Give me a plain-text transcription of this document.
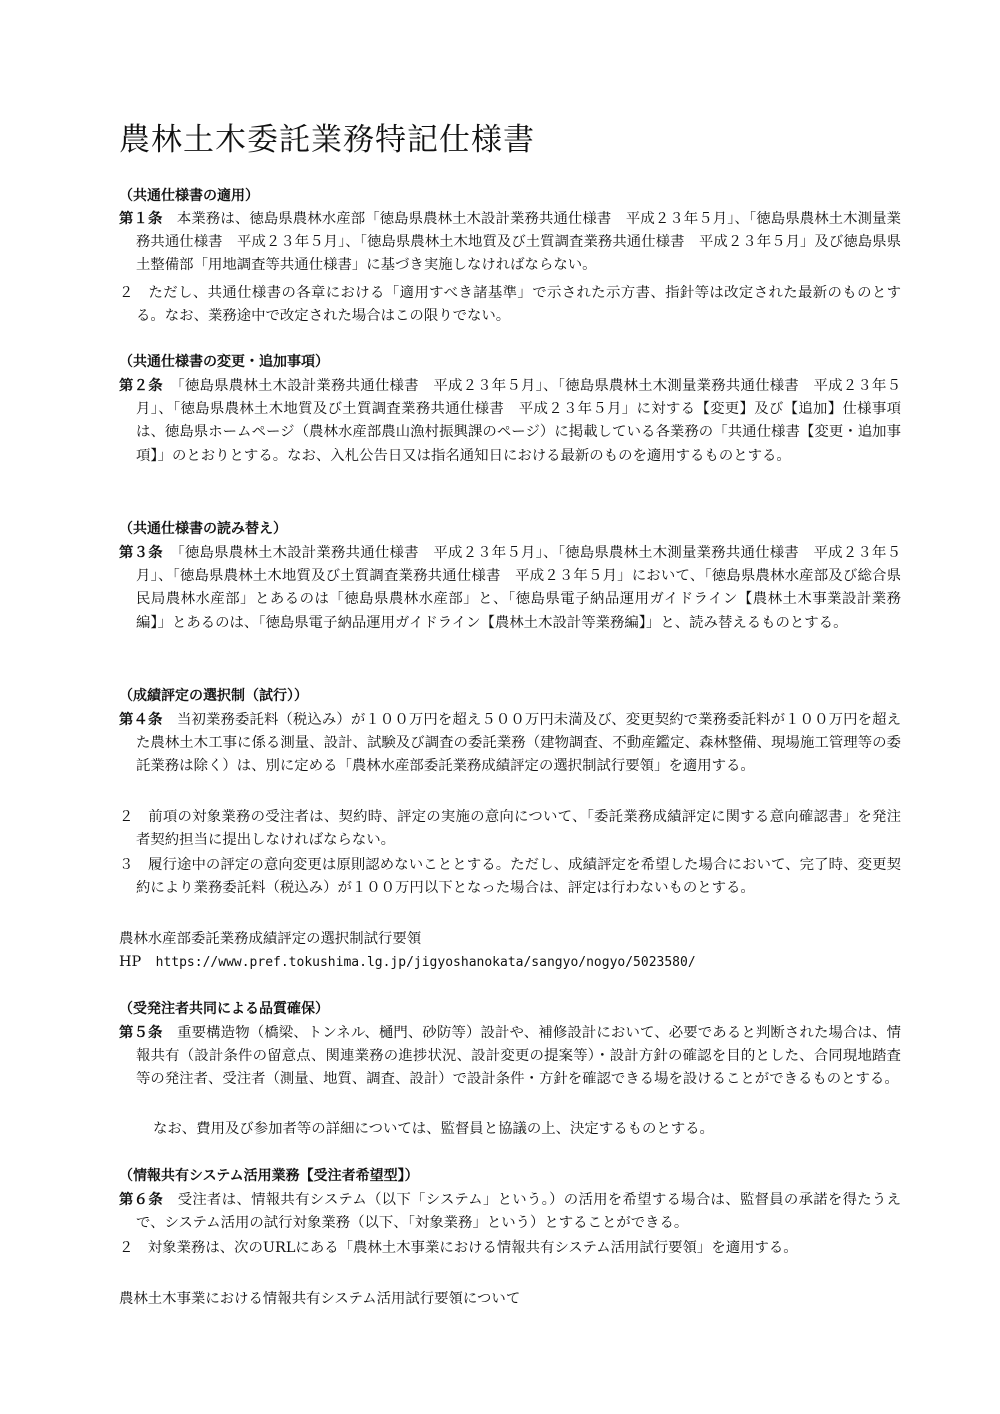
農林土木委託業務特記仕様書
（共通仕様書の適用）
第１条　本業務は、徳島県農林水産部「徳島県農林土木設計業務共通仕様書　平成２３年５月」、「徳島県農林土木測量業務共通仕様書　平成２３年５月」、「徳島県農林土木地質及び土質調査業務共通仕様書　平成２３年５月」及び徳島県県土整備部「用地調査等共通仕様書」に基づき実施しなければならない。
２　ただし、共通仕様書の各章における「適用すべき諸基準」で示された示方書、指針等は改定された最新のものとする。なお、業務途中で改定された場合はこの限りでない。
（共通仕様書の変更・追加事項）
第２条　「徳島県農林土木設計業務共通仕様書　平成２３年５月」、「徳島県農林土木測量業務共通仕様書　平成２３年５月」、「徳島県農林土木地質及び土質調査業務共通仕様書　平成２３年５月」に対する【変更】及び【追加】仕様事項は、徳島県ホームページ（農林水産部農山漁村振興課のページ）に掲載している各業務の「共通仕様書【変更・追加事項】」のとおりとする。なお、入札公告日又は指名通知日における最新のものを適用するものとする。
（共通仕様書の読み替え）
第３条　「徳島県農林土木設計業務共通仕様書　平成２３年５月」、「徳島県農林土木測量業務共通仕様書　平成２３年５月」、「徳島県農林土木地質及び土質調査業務共通仕様書　平成２３年５月」において、「徳島県農林水産部及び総合県民局農林水産部」とあるのは「徳島県農林水産部」と、「徳島県電子納品運用ガイドライン【農林土木事業設計業務編】」とあるのは、「徳島県電子納品運用ガイドライン【農林土木設計等業務編】」と、読み替えるものとする。
（成績評定の選択制（試行））
第４条　当初業務委託料（税込み）が１００万円を超え５００万円未満及び、変更契約で業務委託料が１００万円を超えた農林土木工事に係る測量、設計、試験及び調査の委託業務（建物調査、不動産鑑定、森林整備、現場施工管理等の委託業務は除く）は、別に定める「農林水産部委託業務成績評定の選択制試行要領」を適用する。
２　前項の対象業務の受注者は、契約時、評定の実施の意向について、「委託業務成績評定に関する意向確認書」を発注者契約担当に提出しなければならない。
３　履行途中の評定の意向変更は原則認めないこととする。ただし、成績評定を希望した場合において、完了時、変更契約により業務委託料（税込み）が１００万円以下となった場合は、評定は行わないものとする。
農林水産部委託業務成績評定の選択制試行要領
HP　https://www.pref.tokushima.lg.jp/jigyoshanokata/sangyo/nogyo/5023580/
（受発注者共同による品質確保）
第５条　重要構造物（橋梁、トンネル、樋門、砂防等）設計や、補修設計において、必要であると判断された場合は、情報共有（設計条件の留意点、関連業務の進捗状況、設計変更の提案等）・設計方針の確認を目的とした、合同現地踏査等の発注者、受注者（測量、地質、調査、設計）で設計条件・方針を確認できる場を設けることができるものとする。
なお、費用及び参加者等の詳細については、監督員と協議の上、決定するものとする。
（情報共有システム活用業務【受注者希望型】）
第６条　受注者は、情報共有システム（以下「システム」という。）の活用を希望する場合は、監督員の承諾を得たうえで、システム活用の試行対象業務（以下、「対象業務」という）とすることができる。
２　対象業務は、次のURLにある「農林土木事業における情報共有システム活用試行要領」を適用する。
農林土木事業における情報共有システム活用試行要領について
